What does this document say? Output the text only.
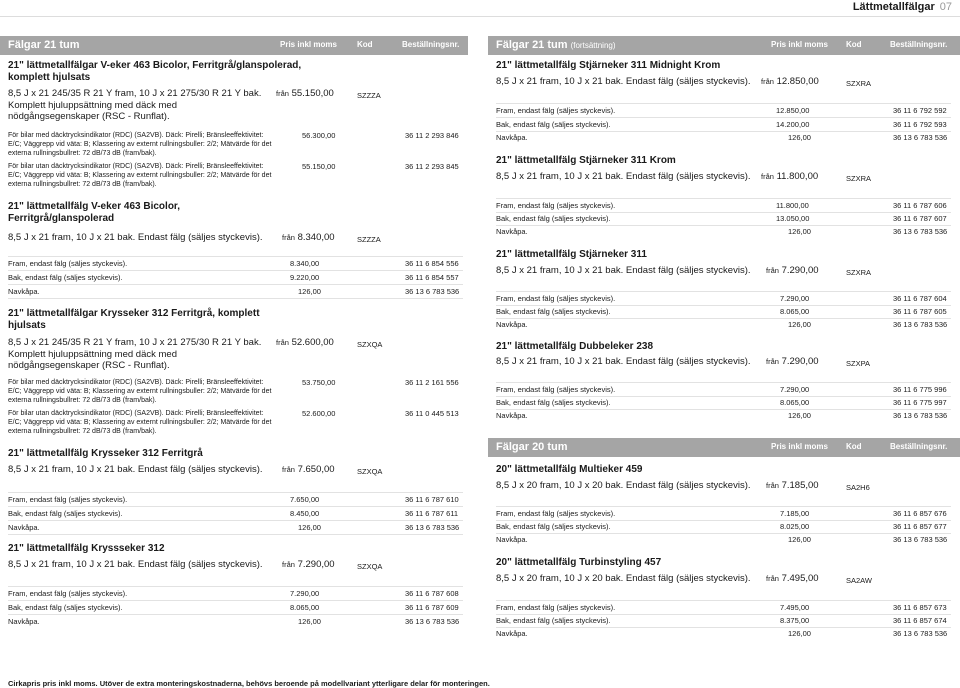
Lättmetallfälgar 07
Fälgar 21 tum	Pris inkl moms	Kod	Beställningsnr.
21" lättmetallfälgar V-eker 463 Bicolor, Ferritgrå/glanspolerad, komplett hjulsats
8,5 J x 21 245/35 R 21 Y fram, 10 J x 21 275/30 R 21 Y bak. Komplett hjuluppsättning med däck med nödgångsegenskaper (RSC - Runflat).
från 55.150,00	SZZZA
För bilar med däcktrycksindikator (RDC) (SA2VB). Däck: Pirelli; Bränsleeffektivitet: E/C; Väggrepp vid väta: B; Klassering av externt rullningsbuller: 2/2; Mätvärde för det externa rullningsbullret: 72 dB/73 dB (fram/bak).
56.300,00	36 11 2 293 846
För bilar utan däcktrycksindikator (RDC) (SA2VB). Däck: Pirelli; Bränsleeffektivitet: E/C; Väggrepp vid väta: B; Klassering av externt rullningsbuller: 2/2; Mätvärde för det externa rullningsbullret: 72 dB/73 dB (fram/bak).
55.150,00	36 11 2 293 845
21" lättmetallfälg V-eker 463 Bicolor, Ferritgrå/glanspolerad
8,5 J x 21 fram, 10 J x 21 bak. Endast fälg (säljes styckevis).	från 8.340,00	SZZZA
Fram, endast fälg (säljes styckevis).	8.340,00	36 11 6 854 556
Bak, endast fälg (säljes styckevis).	9.220,00	36 11 6 854 557
Navkåpa.	126,00	36 13 6 783 536
21" lättmetallfälgar Krysseker 312 Ferritgrå, komplett hjulsats
8,5 J x 21 245/35 R 21 Y fram, 10 J x 21 275/30 R 21 Y bak. Komplett hjuluppsättning med däck med nödgångsegenskaper (RSC - Runflat).
från 52.600,00	SZXQA
För bilar med däcktrycksindikator (RDC) (SA2VB). Däck: Pirelli; Bränsleeffektivitet: E/C; Väggrepp vid väta: B; Klassering av externt rullningsbuller: 2/2; Mätvärde för det externa rullningsbullret: 72 dB/73 dB (fram/bak).
53.750,00	36 11 2 161 556
För bilar utan däcktrycksindikator (RDC) (SA2VB). Däck: Pirelli; Bränsleeffektivitet: E/C; Väggrepp vid väta: B; Klassering av externt rullningsbuller: 2/2; Mätvärde för det externa rullningsbullret: 72 dB/73 dB (fram/bak).
52.600,00	36 11 0 445 513
21" lättmetallfälg Krysseker 312 Ferritgrå
8,5 J x 21 fram, 10 J x 21 bak. Endast fälg (säljes styckevis).	från 7.650,00	SZXQA
Fram, endast fälg (säljes styckevis).	7.650,00	36 11 6 787 610
Bak, endast fälg (säljes styckevis).	8.450,00	36 11 6 787 611
Navkåpa.	126,00	36 13 6 783 536
21" lättmetallfälg Kryssseker 312
8,5 J x 21 fram, 10 J x 21 bak. Endast fälg (säljes styckevis).	från 7.290,00	SZXQA
Fram, endast fälg (säljes styckevis).	7.290,00	36 11 6 787 608
Bak, endast fälg (säljes styckevis).	8.065,00	36 11 6 787 609
Navkåpa.	126,00	36 13 6 783 536
Fälgar 21 tum (fortsättning)	Pris inkl moms Kod	Beställningsnr.
21" lättmetallfälg Stjärneker 311 Midnight Krom
8,5 J x 21 fram, 10 J x 21 bak. Endast fälg (säljes styckevis).	från 12.850,00	SZXRA
Fram, endast fälg (säljes styckevis).	12.850,00	36 11 6 792 592
Bak, endast fälg (säljes styckevis).	14.200,00	36 11 6 792 593
Navkåpa.	126,00	36 13 6 783 536
21" lättmetallfälg Stjärneker 311 Krom
8,5 J x 21 fram, 10 J x 21 bak. Endast fälg (säljes styckevis).	från 11.800,00	SZXRA
Fram, endast fälg (säljes styckevis).	11.800,00	36 11 6 787 606
Bak, endast fälg (säljes styckevis).	13.050,00	36 11 6 787 607
Navkåpa.	126,00	36 13 6 783 536
21" lättmetallfälg Stjärneker 311
8,5 J x 21 fram, 10 J x 21 bak. Endast fälg (säljes styckevis).	från 7.290,00	SZXRA
Fram, endast fälg (säljes styckevis).	7.290,00	36 11 6 787 604
Bak, endast fälg (säljes styckevis).	8.065,00	36 11 6 787 605
Navkåpa.	126,00	36 13 6 783 536
21" lättmetallfälg Dubbeleker 238
8,5 J x 21 fram, 10 J x 21 bak. Endast fälg (säljes styckevis).	från 7.290,00	SZXPA
Fram, endast fälg (säljes styckevis).	7.290,00	36 11 6 775 996
Bak, endast fälg (säljes styckevis).	8.065,00	36 11 6 775 997
Navkåpa.	126,00	36 13 6 783 536
Fälgar 20 tum	Pris inkl moms Kod	Beställningsnr.
20" lättmetallfälg Multieker 459
8,5 J x 20 fram, 10 J x 20 bak. Endast fälg (säljes styckevis).	från 7.185,00	SA2H6
Fram, endast fälg (säljes styckevis).	7.185,00	36 11 6 857 676
Bak, endast fälg (säljes styckevis).	8.025,00	36 11 6 857 677
Navkåpa.	126,00	36 13 6 783 536
20" lättmetallfälg Turbinstyling 457
8,5 J x 20 fram, 10 J x 20 bak. Endast fälg (säljes styckevis).	från 7.495,00	SA2AW
Fram, endast fälg (säljes styckevis).	7.495,00	36 11 6 857 673
Bak, endast fälg (säljes styckevis).	8.375,00	36 11 6 857 674
Navkåpa.	126,00	36 13 6 783 536
Cirkapris pris inkl moms. Utöver de extra monteringskostnaderna, behövs beroende på modellvariant ytterligare delar för monteringen.
